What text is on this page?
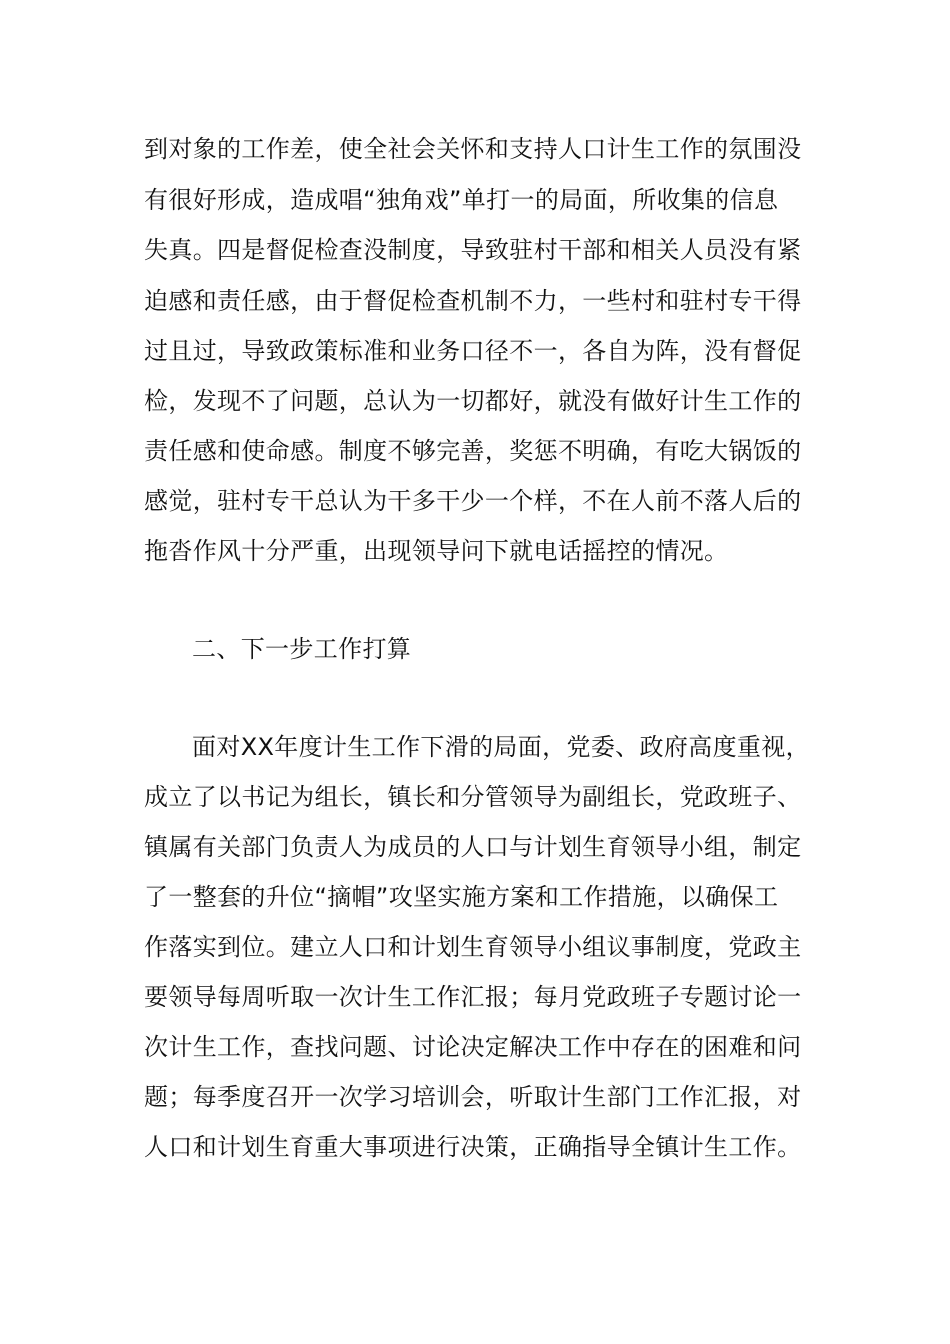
到对象的工作差，使全社会关怀和支持人口计生工作的氛围没
有很好形成，造成唱“独角戏”单打一的局面，所收集的信息
失真。四是督促检查没制度，导致驻村干部和相关人员没有紧
迫感和责任感，由于督促检查机制不力，一些村和驻村专干得
过且过，导致政策标准和业务口径不一，各自为阵，没有督促
检，发现不了问题，总认为一切都好，就没有做好计生工作的
责任感和使命感。制度不够完善，奖惩不明确，有吃大锅饭的
感觉，驻村专干总认为干多干少一个样，不在人前不落人后的
拖沓作风十分严重，出现领导问下就电话摇控的情况。
二、下一步工作打算
面对XX年度计生工作下滑的局面，党委、政府高度重视，
成立了以书记为组长，镇长和分管领导为副组长，党政班子、
镇属有关部门负责人为成员的人口与计划生育领导小组，制定
了一整套的升位“摘帽”攻坚实施方案和工作措施，以确保工
作落实到位。建立人口和计划生育领导小组议事制度，党政主
要领导每周听取一次计生工作汇报；每月党政班子专题讨论一
次计生工作，查找问题、讨论决定解决工作中存在的困难和问
题；每季度召开一次学习培训会，听取计生部门工作汇报，对
人口和计划生育重大事项进行决策，正确指导全镇计生工作。
